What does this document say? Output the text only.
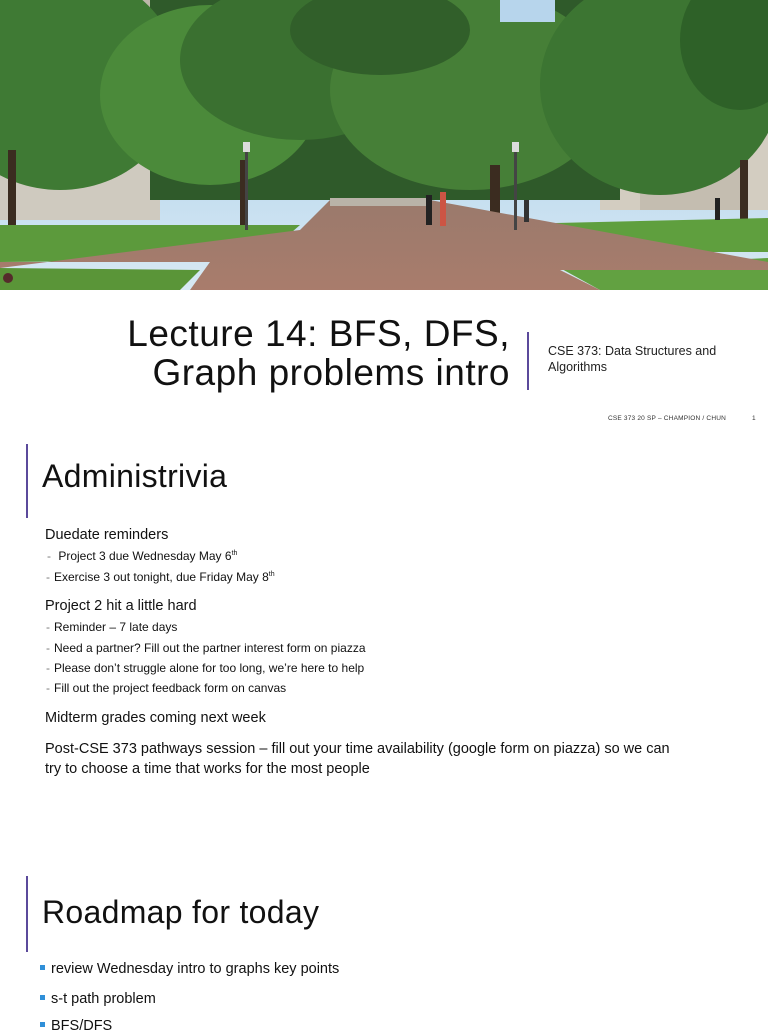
Lecture 14: BFS, DFS,
Graph problems intro
CSE 373: Data Structures and Algorithms
CSE 373 20 SP – CHAMPION / CHUN	1
Administrivia
Duedate reminders
- Project 3 due Wednesday May 6th
- Exercise 3 out tonight, due Friday May 8th
Project 2 hit a little hard
- Reminder – 7 late days
- Need a partner? Fill out the partner interest form on piazza
- Please don’t struggle alone for too long, we’re here to help
- Fill out the project feedback form on canvas
Midterm grades coming next week
Post-CSE 373 pathways session – fill out your time availability (google form on piazza) so we can
try to choose a time that works for the most people
Roadmap for today
review Wednesday intro to graphs key points
s-t path problem
BFS/DFS
